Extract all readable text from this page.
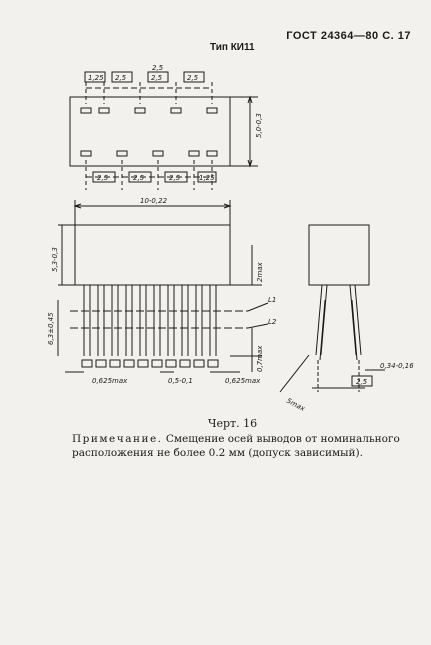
ГОСТ 24364—80 С. 17
Тип КИ11
1,25 2,5	2,5	2,5
2,5
2,5	2,5	2,5	1,25
5,0-0,3
10-0,22
5,3-0,3
6,3±0,45
2max
0,7max
0,5-0,1
0,625max	0,625max
L1
L2
2,5
0,34-0,16
5max
Черт. 16
Примечание. Смещение осей выводов от номинального расположения не более 0.2 мм (допуск зависимый).
